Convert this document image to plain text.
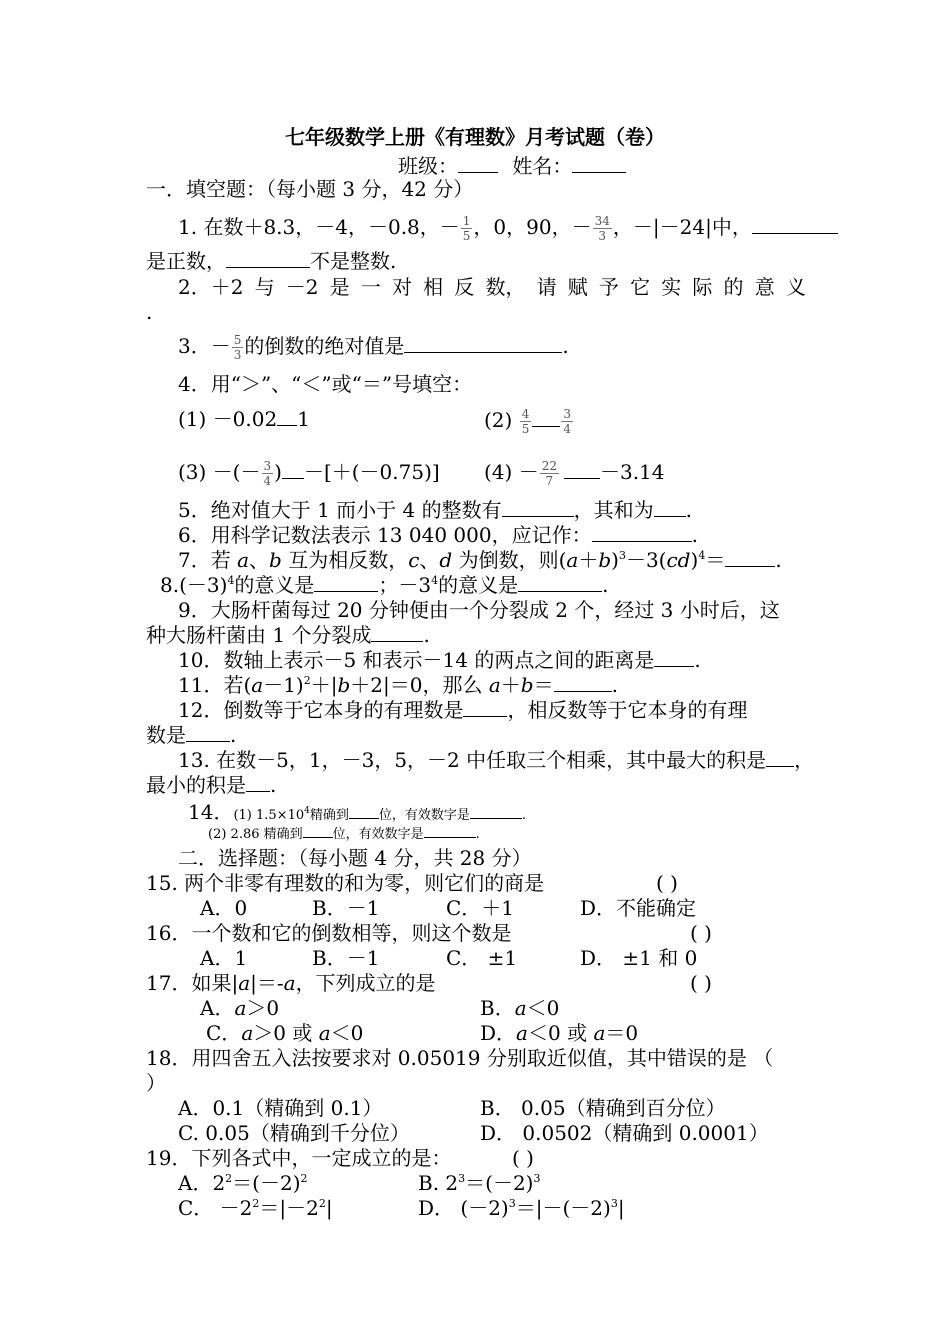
七年级数学上册《有理数》月考试题（卷）
班级：	姓名：
一．填空题：（每小题 3 分，42 分）
1. 在数＋8.3，－4，－0.8，－ $\frac{1}{5}$ ，0，90，－ $\frac{34}{3}$ ，－|－24|中，
是正数，	不是整数.
2．＋2 与 －2 是 一 对 相 反 数， 请 赋 予 它 实 际 的 意 义
.
3．－ $\frac{5}{3}$ 的倒数的绝对值是	.
4．用“＞”、“＜”或“＝”号填空：
(1) －0.02 1	$(2) \frac{4}{5}$	$\frac{3}{4}$
(3) －(－ $\frac{3}{4}$ ) －[＋(－0.75)] $(4) - \frac{22}{7} -3.14$
5．绝对值大于 1 而小于 4 的整数有	，其和为 .
6．用科学记数法表示 13 040 000，应记作：	.
7．若 a、b 互为相反数，c、d 为倒数，则$(a+b)^3-3(cd)^4=$	.
$8.(-3)^4$的意义是	；$-3^4$的意义是	.
9．大肠杆菌每过 20 分钟便由一个分裂成 2 个，经过 3 小时后，这
种大肠杆菌由 1 个分裂成	.
10．数轴上表示－5 和表示－14 的两点之间的距离是 .
11．若$(a-1)^2+|b+2|=0$，那么 a＋b＝	.
12．倒数等于它本身的有理数是 ，相反数等于它本身的有理
数是 .
13. 在数－5，1，－3，5，－2 中任取三个相乘，其中最大的积是 ，
最小的积是 .
14．(1) $1.5\times 10^4$精确到 位，有效数字是	.
(2) 2.86 精确到 位，有效数字是	.
二．选择题：（每小题 4 分，共 28 分）
15. 两个非零有理数的和为零，则它们的商是	( )
A．0	B．－1	C．＋1	D．不能确定
16．一个数和它的倒数相等，则这个数是	( )
A．1	B．－1	C． ±1	D． ±1 和 0
17．如果|a|＝-a，下列成立的是	( )
A．a＞0	B．a＜0
C．a＞0 或 a＜0	D．a＜0 或 a＝0
18．用四舍五入法按要求对 0.05019 分别取近似值，其中错误的是 （
）
A．0.1（精确到 0.1）	B． 0.05（精确到百分位）
C. 0.05（精确到千分位）	D． 0.0502（精确到 0.0001）
19．下列各式中，一定成立的是：	( )
A．$2^2=(-2)^2$	B. $2^3=(-2)^3$
C． $-2^2=|-2^2|$	D． $(-2)^3=|-(-2)^3|$
